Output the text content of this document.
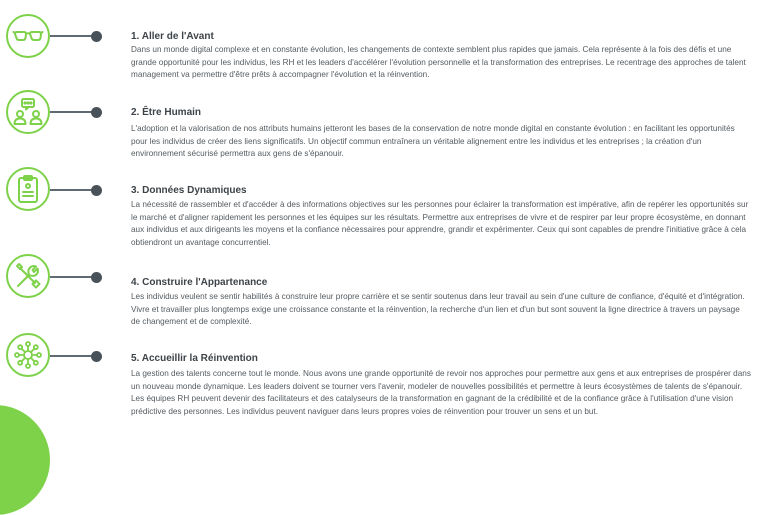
1. Aller de l'Avant

Dans un monde digital complexe et en constante évolution, les changements de contexte semblent plus rapides que jamais. Cela représente à la fois des défis et une grande opportunité pour les individus, les RH et les leaders d'accélérer l'évolution personnelle et la transformation des entreprises. Le recentrage des approches de talent management va permettre d'être prêts à accompagner l'évolution et la réinvention.

2. Être Humain

L'adoption et la valorisation de nos attributs humains jetteront les bases de la conservation de notre monde digital en constante évolution : en facilitant les opportunités pour les individus de créer des liens significatifs. Un objectif commun entraînera un véritable alignement entre les individus et les entreprises ; la création d'un environnement sécurisé permettra aux gens de s'épanouir.

3. Données Dynamiques

La nécessité de rassembler et d'accéder à des informations objectives sur les personnes pour éclairer la transformation est impérative, afin de repérer les opportunités sur le marché et d'aligner rapidement les personnes et les équipes sur les résultats. Permettre aux entreprises de vivre et de respirer par leur propre écosystème, en donnant aux individus et aux dirigeants les moyens et la confiance nécessaires pour apprendre, grandir et expérimenter. Ceux qui sont capables de prendre l'initiative grâce à cela obtiendront un avantage concurrentiel.

4. Construire l'Appartenance

Les individus veulent se sentir habilités à construire leur propre carrière et se sentir soutenus dans leur travail au sein d'une culture de confiance, d'équité et d'intégration. Vivre et travailler plus longtemps exige une croissance constante et la réinvention, la recherche d'un lien et d'un but sont souvent la ligne directrice à travers un paysage de changement et de complexité.

5. Accueillir la Réinvention

La gestion des talents concerne tout le monde. Nous avons une grande opportunité de revoir nos approches pour permettre aux gens et aux entreprises de prospérer dans un nouveau monde dynamique. Les leaders doivent se tourner vers l'avenir, modeler de nouvelles possibilités et permettre à leurs écosystèmes de talents de s'épanouir. Les équipes RH peuvent devenir des facilitateurs et des catalyseurs de la transformation en gagnant de la crédibilité et de la confiance grâce à l'utilisation d'une vision prédictive des personnes. Les individus peuvent naviguer dans leurs propres voies de réinvention pour trouver un sens et un but.
